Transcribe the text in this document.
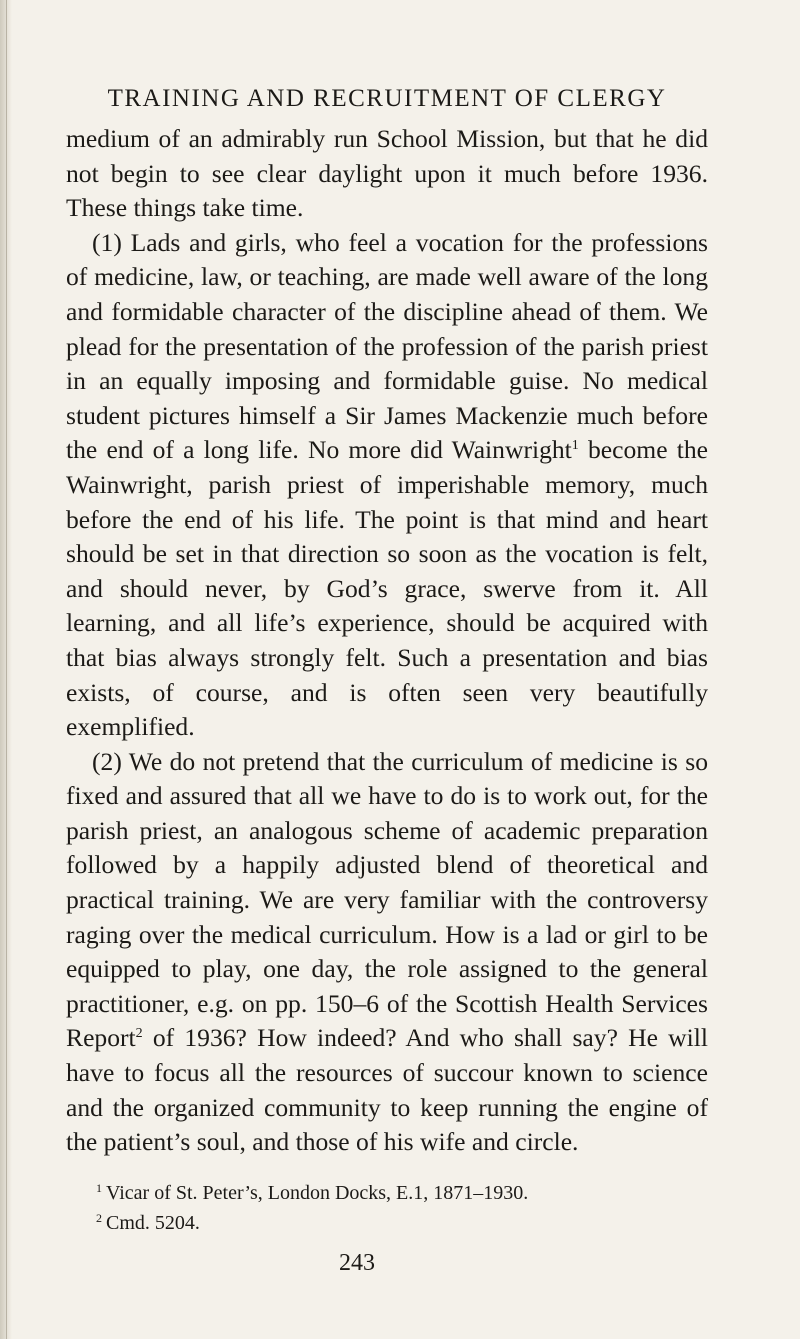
TRAINING AND RECRUITMENT OF CLERGY

medium of an admirably run School Mission, but that he did not begin to see clear daylight upon it much before 1936. These things take time.

(1) Lads and girls, who feel a vocation for the professions of medicine, law, or teaching, are made well aware of the long and formidable character of the discipline ahead of them. We plead for the presentation of the profession of the parish priest in an equally imposing and formidable guise. No medical student pictures himself a Sir James Mackenzie much before the end of a long life. No more did Wainwright$^1$ become the Wainwright, parish priest of imperishable memory, much before the end of his life. The point is that mind and heart should be set in that direction so soon as the vocation is felt, and should never, by God’s grace, swerve from it. All learning, and all life’s experience, should be acquired with that bias always strongly felt. Such a presentation and bias exists, of course, and is often seen very beautifully exemplified.

(2) We do not pretend that the curriculum of medicine is so fixed and assured that all we have to do is to work out, for the parish priest, an analogous scheme of academic preparation followed by a happily adjusted blend of theoretical and practical training. We are very familiar with the controversy raging over the medical curriculum. How is a lad or girl to be equipped to play, one day, the role assigned to the general practitioner, e.g. on pp. 150–6 of the Scottish Health Services Report$^2$ of 1936? How indeed? And who shall say? He will have to focus all the resources of succour known to science and the organized community to keep running the engine of the patient’s soul, and those of his wife and circle.

$^1$ Vicar of St. Peter’s, London Docks, E.1, 1871–1930.

$^2$ Cmd. 5204.

243
